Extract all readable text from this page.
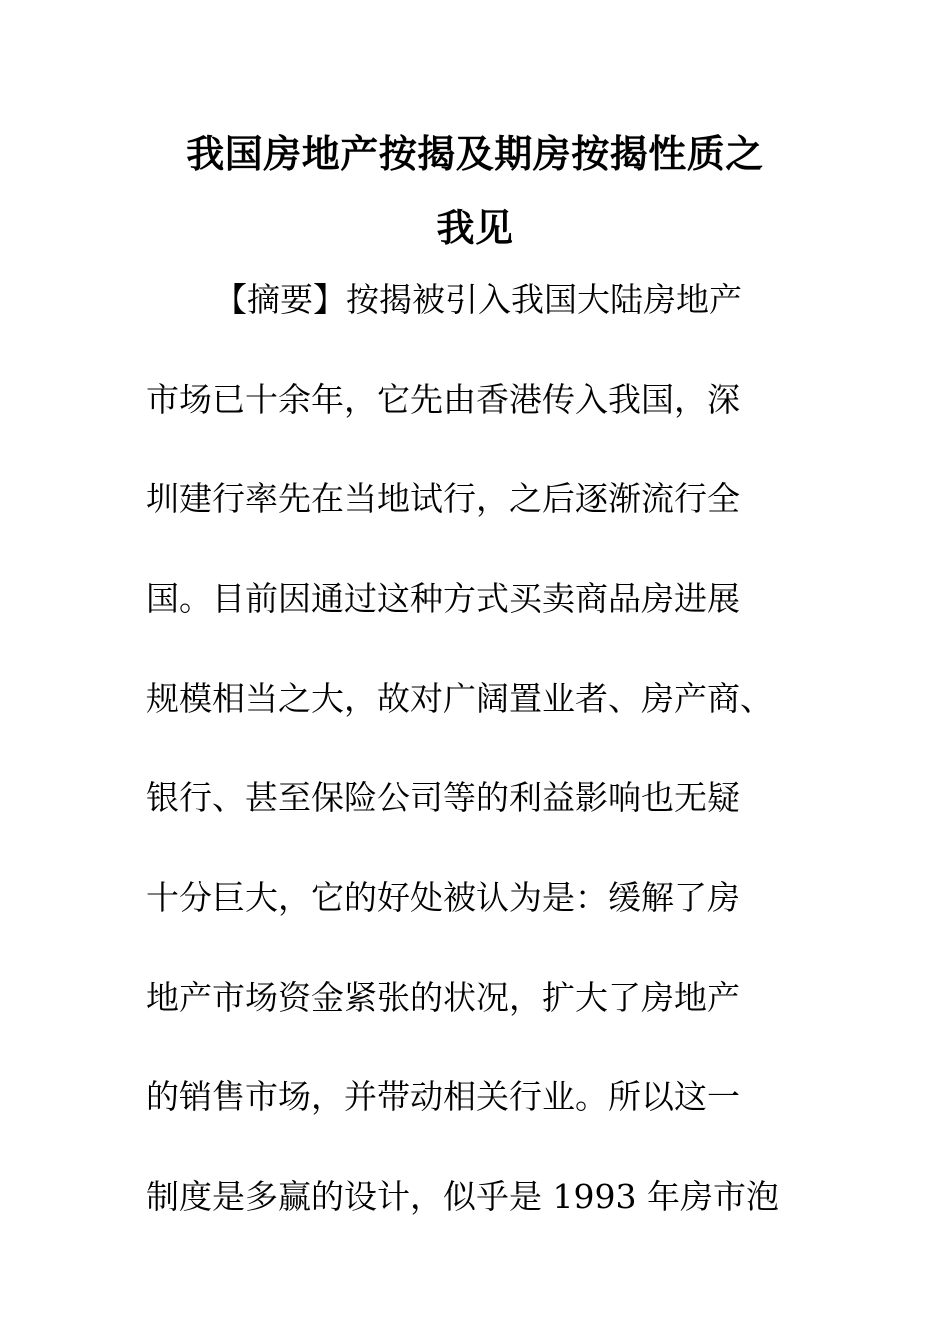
我国房地产按揭及期房按揭性质之
我见
【摘要】按揭被引入我国大陆房地产
市场已十余年，它先由香港传入我国，深
圳建行率先在当地试行，之后逐渐流行全
国。目前因通过这种方式买卖商品房进展
规模相当之大，故对广阔置业者、房产商、
银行、甚至保险公司等的利益影响也无疑
十分巨大，它的好处被认为是：缓解了房
地产市场资金紧张的状况，扩大了房地产
的销售市场，并带动相关行业。所以这一
制度是多赢的设计，似乎是 1993 年房市泡
